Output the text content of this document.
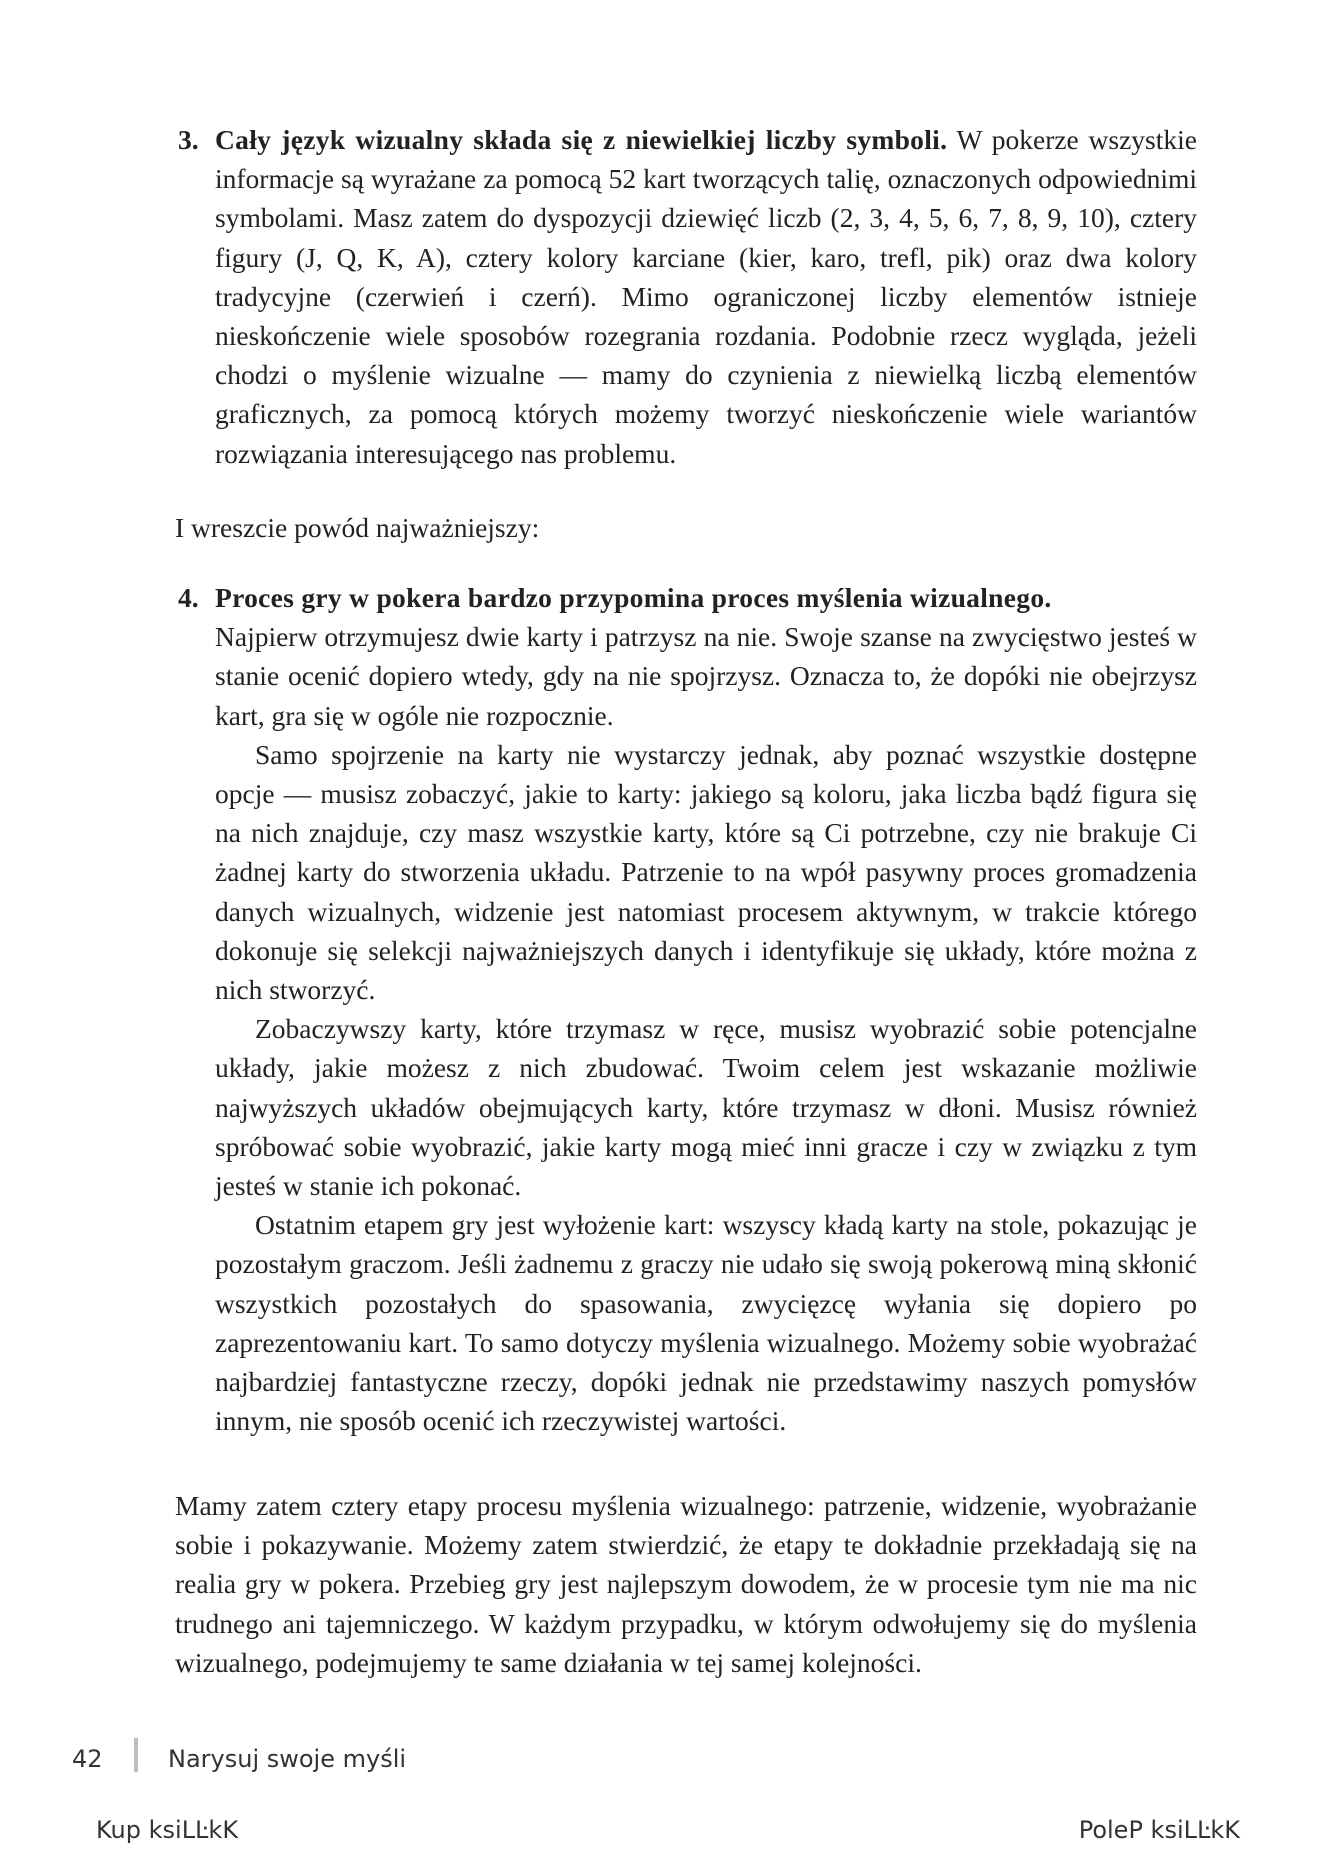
3. Cały język wizualny składa się z niewielkiej liczby symboli. W pokerze wszystkie informacje są wyrażane za pomocą 52 kart tworzących talię, oznaczonych odpowiednimi symbolami. Masz zatem do dyspozycji dziewięć liczb (2, 3, 4, 5, 6, 7, 8, 9, 10), cztery figury (J, Q, K, A), cztery kolory karciane (kier, karo, trefl, pik) oraz dwa kolory tradycyjne (czerwień i czerń). Mimo ograniczonej liczby elementów istnieje nieskończenie wiele sposobów rozegrania rozdania. Podobnie rzecz wygląda, jeżeli chodzi o myślenie wizualne — mamy do czynienia z niewielką liczbą elementów graficznych, za pomocą których możemy tworzyć nieskończenie wiele wariantów rozwiązania interesującego nas problemu.

I wreszcie powód najważniejszy:

4. Proces gry w pokera bardzo przypomina proces myślenia wizualnego.

Najpierw otrzymujesz dwie karty i patrzysz na nie. Swoje szanse na zwycięstwo jesteś w stanie ocenić dopiero wtedy, gdy na nie spojrzysz. Oznacza to, że dopóki nie obejrzysz kart, gra się w ogóle nie rozpocznie.

Samo spojrzenie na karty nie wystarczy jednak, aby poznać wszystkie dostępne opcje — musisz zobaczyć, jakie to karty: jakiego są koloru, jaka liczba bądź figura się na nich znajduje, czy masz wszystkie karty, które są Ci potrzebne, czy nie brakuje Ci żadnej karty do stworzenia układu. Patrzenie to na wpół pasywny proces gromadzenia danych wizualnych, widzenie jest natomiast procesem aktywnym, w trakcie którego dokonuje się selekcji najważniejszych danych i identyfikuje się układy, które można z nich stworzyć.

Zobaczywszy karty, które trzymasz w ręce, musisz wyobrazić sobie potencjalne układy, jakie możesz z nich zbudować. Twoim celem jest wskazanie możliwie najwyższych układów obejmujących karty, które trzymasz w dłoni. Musisz również spróbować sobie wyobrazić, jakie karty mogą mieć inni gracze i czy w związku z tym jesteś w stanie ich pokonać.

Ostatnim etapem gry jest wyłożenie kart: wszyscy kładą karty na stole, pokazując je pozostałym graczom. Jeśli żadnemu z graczy nie udało się swoją pokerową miną skłonić wszystkich pozostałych do spasowania, zwycięzcę wyłania się dopiero po zaprezentowaniu kart. To samo dotyczy myślenia wizualnego. Możemy sobie wyobrażać najbardziej fantastyczne rzeczy, dopóki jednak nie przedstawimy naszych pomysłów innym, nie sposób ocenić ich rzeczywistej wartości.

Mamy zatem cztery etapy procesu myślenia wizualnego: patrzenie, widzenie, wyobrażanie sobie i pokazywanie. Możemy zatem stwierdzić, że etapy te dokładnie przekładają się na realia gry w pokera. Przebieg gry jest najlepszym dowodem, że w procesie tym nie ma nic trudnego ani tajemniczego. W każdym przypadku, w którym odwołujemy się do myślenia wizualnego, podejmujemy te same działania w tej samej kolejności.

42	Narysuj swoje myśli
Kup ksiLĿkK	PoleP ksiLĿkK
